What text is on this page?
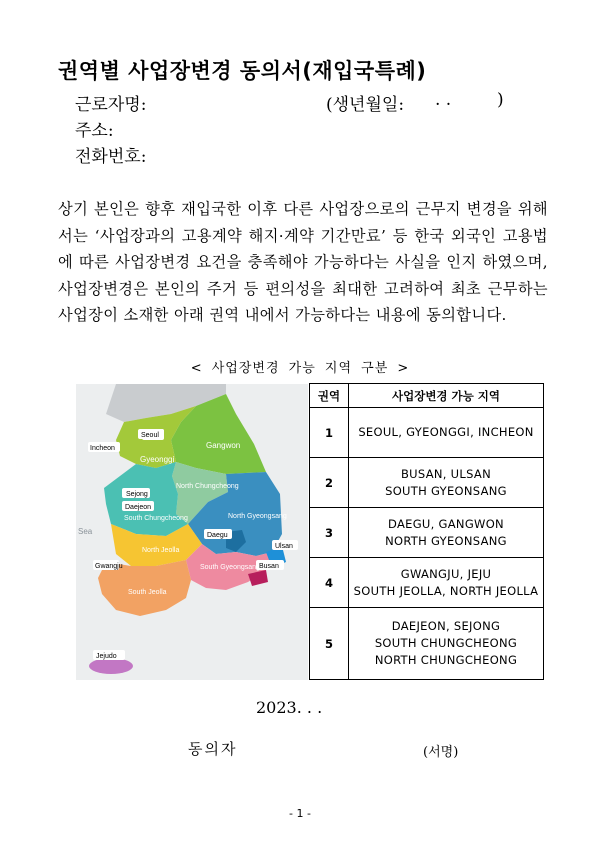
권역별 사업장변경 동의서(재입국특례)
근로자명:	(생년월일: . .	)
주소:
전화번호:
상기 본인은 향후 재입국한 이후 다른 사업장으로의 근무지 변경을 위해서는 ‘사업장과의 고용계약 해지·계약 기간만료’ 등 한국 외국인 고용법에 따른 사업장변경 요건을 충족해야 가능하다는 사실을 인지 하였으며, 사업장변경은 본인의 주거 등 편의성을 최대한 고려하여 최초 근무하는 사업장이 소재한 아래 권역 내에서 가능하다는 내용에 동의합니다.
< 사업장변경 가능 지역 구분 >
Seoul
Incheon
Gyeonggi
Gangwon
Sejong
Daejeon
North Chungcheong
South Chungcheong	North Gyeongsang
Daegu
Sea
Ulsan
North Jeolla
Gwangju	South Gyeongsang Busan
South Jeolla
Jejudo
권역	사업장변경 가능 지역
1	SEOUL, GYEONGGI, INCHEON

2	BUSAN, ULSAN
SOUTH GYEONSANG

3	DAEGU, GANGWON
NORTH GYEONSANG

4	GWANGJU, JEJU
SOUTH JEOLLA, NORTH JEOLLA

5	DAEJEON, SEJONG
SOUTH CHUNGCHEONG
NORTH CHUNGCHEONG
2023. . .
동의자	(서명)
- 1 -
